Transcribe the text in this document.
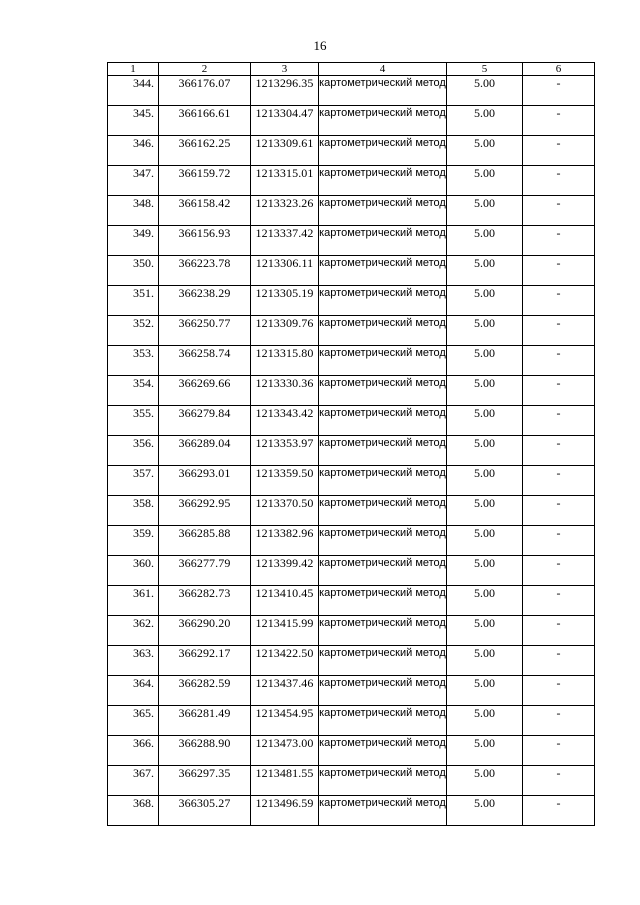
16
1	2	3	4	5	6
344.	366176.07	1213296.35	картометрический метод	5.00	-
345.	366166.61	1213304.47	картометрический метод	5.00	-
346.	366162.25	1213309.61	картометрический метод	5.00	-
347.	366159.72	1213315.01	картометрический метод	5.00	-
348.	366158.42	1213323.26	картометрический метод	5.00	-
349.	366156.93	1213337.42	картометрический метод	5.00	-
350.	366223.78	1213306.11	картометрический метод	5.00	-
351.	366238.29	1213305.19	картометрический метод	5.00	-
352.	366250.77	1213309.76	картометрический метод	5.00	-
353.	366258.74	1213315.80	картометрический метод	5.00	-
354.	366269.66	1213330.36	картометрический метод	5.00	-
355.	366279.84	1213343.42	картометрический метод	5.00	-
356.	366289.04	1213353.97	картометрический метод	5.00	-
357.	366293.01	1213359.50	картометрический метод	5.00	-
358.	366292.95	1213370.50	картометрический метод	5.00	-
359.	366285.88	1213382.96	картометрический метод	5.00	-
360.	366277.79	1213399.42	картометрический метод	5.00	-
361.	366282.73	1213410.45	картометрический метод	5.00	-
362.	366290.20	1213415.99	картометрический метод	5.00	-
363.	366292.17	1213422.50	картометрический метод	5.00	-
364.	366282.59	1213437.46	картометрический метод	5.00	-
365.	366281.49	1213454.95	картометрический метод	5.00	-
366.	366288.90	1213473.00	картометрический метод	5.00	-
367.	366297.35	1213481.55	картометрический метод	5.00	-
368.	366305.27	1213496.59	картометрический метод	5.00	-
